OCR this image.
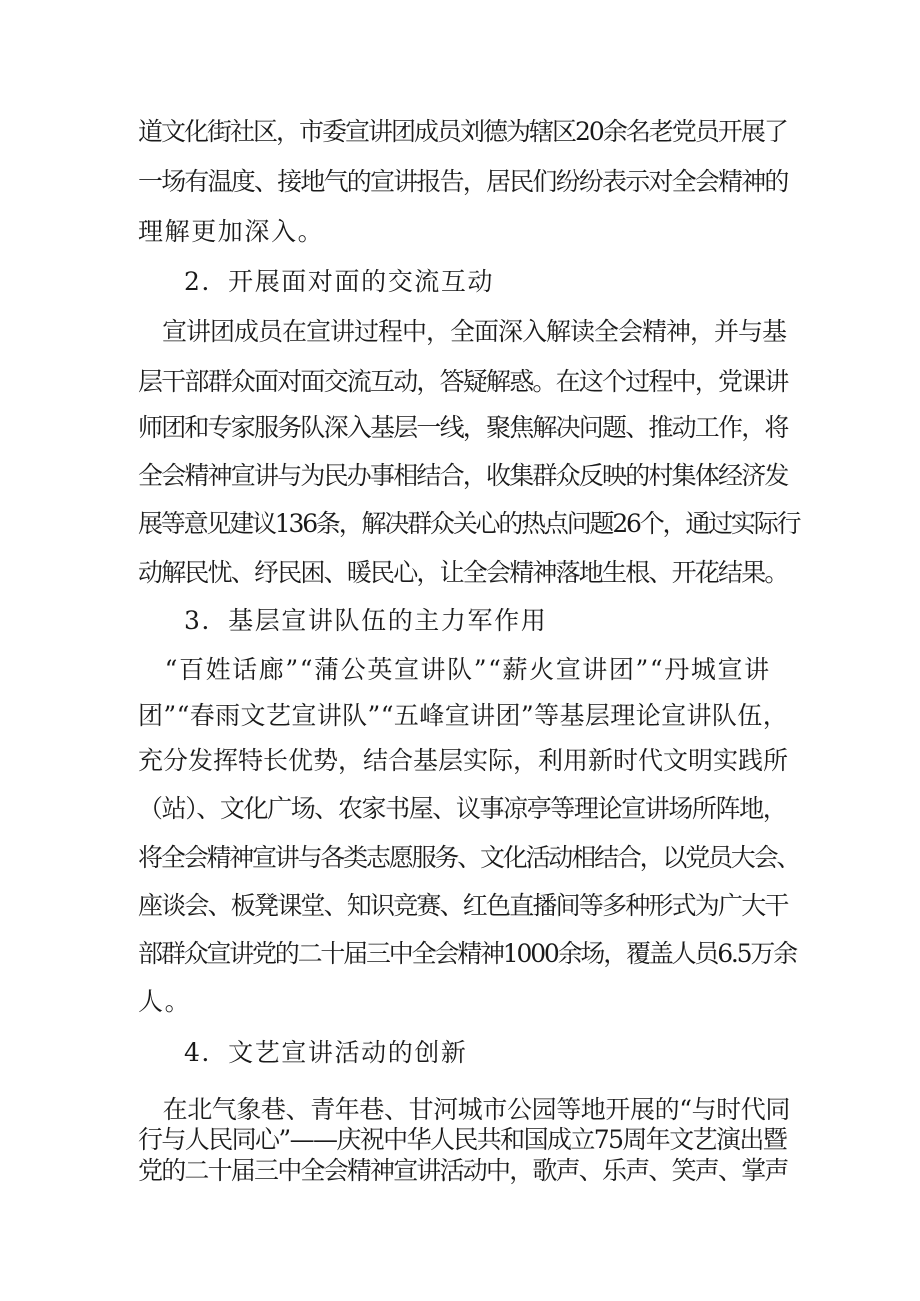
道文化街社区，市委宣讲团成员刘德为辖区20余名老党员开展了

一场有温度、接地气的宣讲报告，居民们纷纷表示对全会精神的

理解更加深入。

2．开展面对面的交流互动

　宣讲团成员在宣讲过程中，全面深入解读全会精神，并与基

层干部群众面对面交流互动，答疑解惑。在这个过程中，党课讲

师团和专家服务队深入基层一线，聚焦解决问题、推动工作，将

全会精神宣讲与为民办事相结合，收集群众反映的村集体经济发

展等意见建议136条，解决群众关心的热点问题26个，通过实际行

动解民忧、纾民困、暖民心，让全会精神落地生根、开花结果。

3．基层宣讲队伍的主力军作用

　“百姓话廊”“蒲公英宣讲队”“薪火宣讲团”“丹城宣讲

团”“春雨文艺宣讲队”“五峰宣讲团”等基层理论宣讲队伍，

充分发挥特长优势，结合基层实际，利用新时代文明实践所

（站）、文化广场、农家书屋、议事凉亭等理论宣讲场所阵地，

将全会精神宣讲与各类志愿服务、文化活动相结合，以党员大会、

座谈会、板凳课堂、知识竞赛、红色直播间等多种形式为广大干

部群众宣讲党的二十届三中全会精神1000余场，覆盖人员6.5万余

人。

4．文艺宣讲活动的创新

　在北气象巷、青年巷、甘河城市公园等地开展的“与时代同

行与人民同心”——庆祝中华人民共和国成立75周年文艺演出暨

党的二十届三中全会精神宣讲活动中，歌声、乐声、笑声、掌声
